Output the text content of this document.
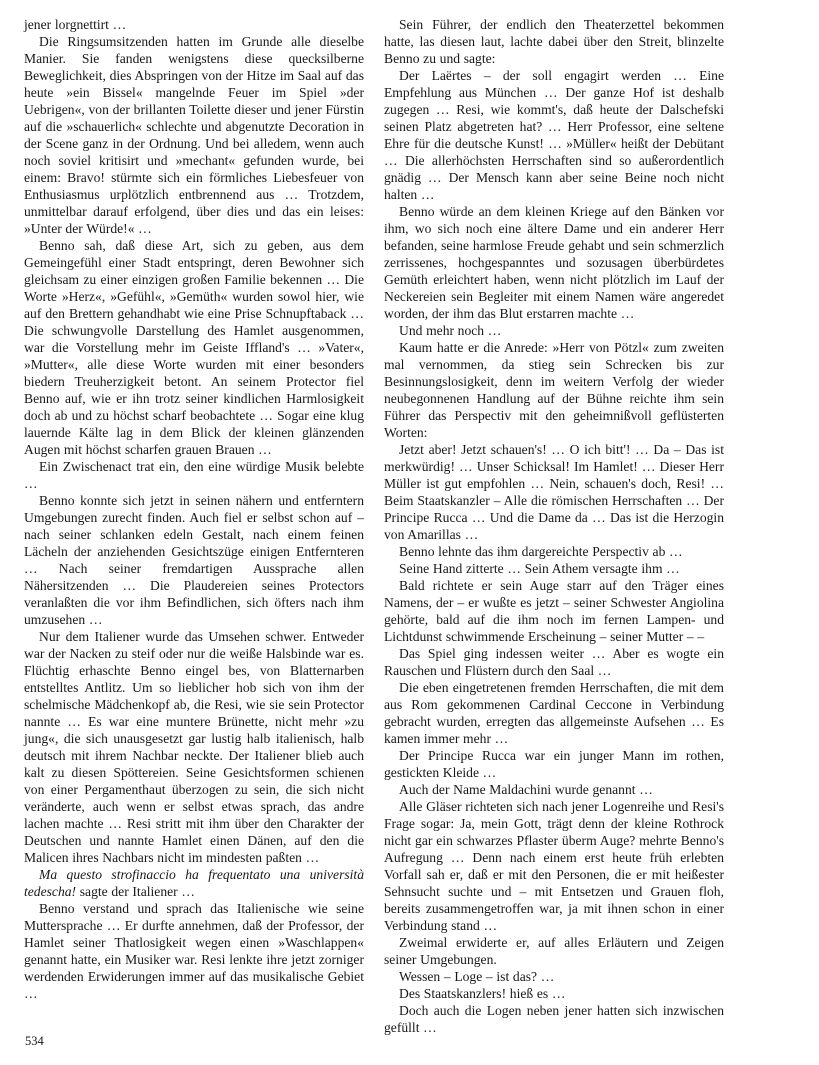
jener lorgnettirt …

Die Ringsumsitzenden hatten im Grunde alle dieselbe Manier. Sie fanden wenigstens diese quecksilberne Beweglichkeit, dies Abspringen von der Hitze im Saal auf das heute »ein Bissel« mangelnde Feuer im Spiel »der Uebrigen«, von der brillanten Toilette dieser und jener Fürstin auf die »schauerlich« schlechte und abgenutzte Decoration in der Scene ganz in der Ordnung. Und bei alledem, wenn auch noch soviel kritisirt und »mechant« gefunden wurde, bei einem: Bravo! stürmte sich ein förmliches Liebesfeuer von Enthusiasmus urplötzlich entbrennend aus … Trotzdem, unmittelbar darauf erfolgend, über dies und das ein leises: »Unter der Würde!« …

Benno sah, daß diese Art, sich zu geben, aus dem Gemeingefühl einer Stadt entspringt, deren Bewohner sich gleichsam zu einer einzigen großen Familie bekennen … Die Worte »Herz«, »Gefühl«, »Gemüth« wurden sowol hier, wie auf den Brettern gehandhabt wie eine Prise Schnupftaback … Die schwungvolle Darstellung des Hamlet ausgenommen, war die Vorstellung mehr im Geiste Iffland's … »Vater«, »Mutter«, alle diese Worte wurden mit einer besonders biedern Treuherzigkeit betont. An seinem Protector fiel Benno auf, wie er ihn trotz seiner kindlichen Harmlosigkeit doch ab und zu höchst scharf beobachtete … Sogar eine klug lauernde Kälte lag in dem Blick der kleinen glänzenden Augen mit höchst scharfen grauen Brauen …

Ein Zwischenact trat ein, den eine würdige Musik belebte …

Benno konnte sich jetzt in seinen nähern und entferntern Umgebungen zurecht finden. Auch fiel er selbst schon auf – nach seiner schlanken edeln Gestalt, nach einem feinen Lächeln der anziehenden Gesichtszüge einigen Entfernteren … Nach seiner fremdartigen Aussprache allen Nähersitzenden … Die Plaudereien seines Protectors veranlaßten die vor ihm Befindlichen, sich öfters nach ihm umzusehen …

Nur dem Italiener wurde das Umsehen schwer. Entweder war der Nacken zu steif oder nur die weiße Halsbinde war es. Flüchtig erhaschte Benno eingel bes, von Blatternarben entstelltes Antlitz. Um so lieblicher hob sich von ihm der schelmische Mädchenkopf ab, die Resi, wie sie sein Protector nannte … Es war eine muntere Brünette, nicht mehr »zu jung«, die sich unausgesetzt gar lustig halb italienisch, halb deutsch mit ihrem Nachbar neckte. Der Italiener blieb auch kalt zu diesen Spöttereien. Seine Gesichtsformen schienen von einer Pergamenthaut überzogen zu sein, die sich nicht veränderte, auch wenn er selbst etwas sprach, das andre lachen machte … Resi stritt mit ihm über den Charakter der Deutschen und nannte Hamlet einen Dänen, auf den die Malicen ihres Nachbars nicht im mindesten paßten …

Ma questo strofinaccio ha frequentato una università tedescha! sagte der Italiener …

Benno verstand und sprach das Italienische wie seine Muttersprache … Er durfte annehmen, daß der Professor, der Hamlet seiner Thatlosigkeit wegen einen »Waschlappen« genannt hatte, ein Musiker war. Resi lenkte ihre jetzt zorniger werdenden Erwiderungen immer auf das musikalische Gebiet …

Sein Führer, der endlich den Theaterzettel bekommen hatte, las diesen laut, lachte dabei über den Streit, blinzelte Benno zu und sagte:

Der Laërtes – der soll engagirt werden … Eine Empfehlung aus München … Der ganze Hof ist deshalb zugegen … Resi, wie kommt's, daß heute der Dalschefski seinen Platz abgetreten hat? … Herr Professor, eine seltene Ehre für die deutsche Kunst! … »Müller« heißt der Debütant … Die allerhöchsten Herrschaften sind so außerordentlich gnädig … Der Mensch kann aber seine Beine noch nicht halten …

Benno würde an dem kleinen Kriege auf den Bänken vor ihm, wo sich noch eine ältere Dame und ein anderer Herr befanden, seine harmlose Freude gehabt und sein schmerzlich zerrissenes, hochgespanntes und sozusagen überbürdetes Gemüth erleichtert haben, wenn nicht plötzlich im Lauf der Neckereien sein Begleiter mit einem Namen wäre angeredet worden, der ihm das Blut erstarren machte …

Und mehr noch …

Kaum hatte er die Anrede: »Herr von Pötzl« zum zweiten mal vernommen, da stieg sein Schrecken bis zur Besinnungslosigkeit, denn im weitern Verfolg der wieder neubegonnenen Handlung auf der Bühne reichte ihm sein Führer das Perspectiv mit den geheimnißvoll geflüsterten Worten:

Jetzt aber! Jetzt schauen's! … O ich bitt'! … Da – Das ist merkwürdig! … Unser Schicksal! Im Hamlet! … Dieser Herr Müller ist gut empfohlen … Nein, schauen's doch, Resi! … Beim Staatskanzler – Alle die römischen Herrschaften … Der Principe Rucca … Und die Dame da … Das ist die Herzogin von Amarillas …

Benno lehnte das ihm dargereichte Perspectiv ab …

Seine Hand zitterte … Sein Athem versagte ihm …

Bald richtete er sein Auge starr auf den Träger eines Namens, der – er wußte es jetzt – seiner Schwester Angiolina gehörte, bald auf die ihm noch im fernen Lampen- und Lichtdunst schwimmende Erscheinung – seiner Mutter – –

Das Spiel ging indessen weiter … Aber es wogte ein Rauschen und Flüstern durch den Saal …

Die eben eingetretenen fremden Herrschaften, die mit dem aus Rom gekommenen Cardinal Ceccone in Verbindung gebracht wurden, erregten das allgemeinste Aufsehen … Es kamen immer mehr …

Der Principe Rucca war ein junger Mann im rothen, gestickten Kleide …

Auch der Name Maldachini wurde genannt …

Alle Gläser richteten sich nach jener Logenreihe und Resi's Frage sogar: Ja, mein Gott, trägt denn der kleine Rothrock nicht gar ein schwarzes Pflaster überm Auge? mehrte Benno's Aufregung … Denn nach einem erst heute früh erlebten Vorfall sah er, daß er mit den Personen, die er mit heißester Sehnsucht suchte und – mit Entsetzen und Grauen floh, bereits zusammengetroffen war, ja mit ihnen schon in einer Verbindung stand …

Zweimal erwiderte er, auf alles Erläutern und Zeigen seiner Umgebungen.

Wessen – Loge – ist das? …

Des Staatskanzlers! hieß es …

Doch auch die Logen neben jener hatten sich inzwischen gefüllt …

534
